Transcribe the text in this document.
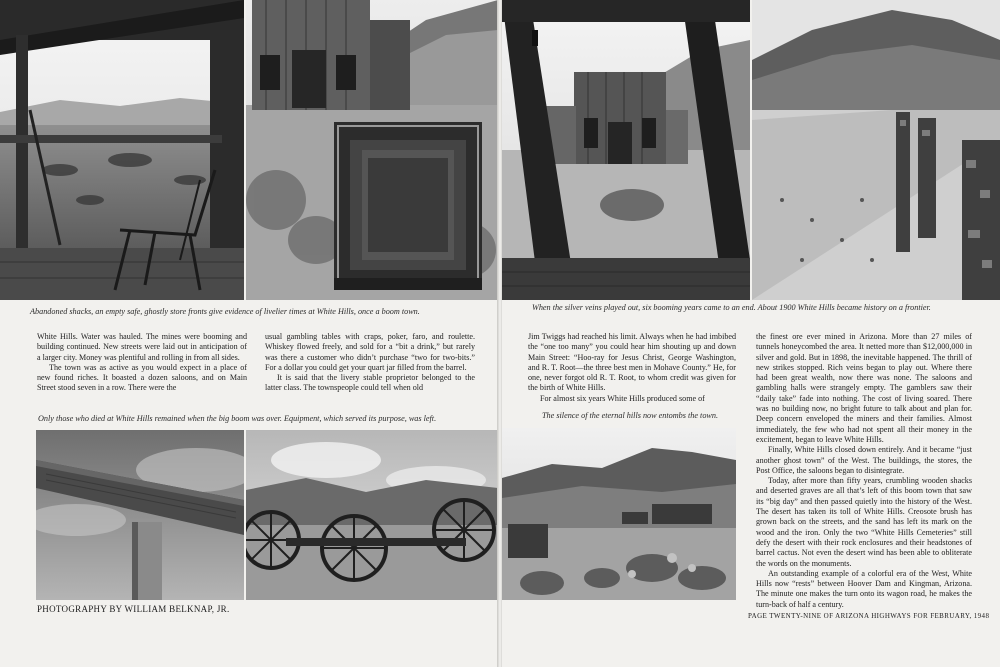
Abandoned shacks, an empty safe, ghostly store fronts give evidence of livelier times at White Hills, once a boom town.

White Hills. Water was hauled. The mines were booming and building continued. New streets were laid out in anticipation of a larger city. Money was plentiful and rolling in from all sides.

The town was as active as you would expect in a place of new found riches. It boasted a dozen saloons, and on Main Street stood seven in a row. There were the

usual gambling tables with craps, poker, faro, and roulette. Whiskey flowed freely, and sold for a “bit a drink,” but rarely was there a customer who didn’t purchase “two for two-bits.” For a dollar you could get your quart jar filled from the barrel.

It is said that the livery stable proprietor belonged to the latter class. The townspeople could tell when old

Only those who died at White Hills remained when the big boom was over. Equipment, which served its purpose, was left.
PHOTOGRAPHY BY WILLIAM BELKNAP, JR.
When the silver veins played out, six booming years came to an end. About 1900 White Hills became history on a frontier.

Jim Twiggs had reached his limit. Always when he had imbibed the “one too many” you could hear him shouting up and down Main Street: “Hoo-ray for Jesus Christ, George Washington, and R. T. Root—the three best men in Mohave County.” He, for one, never forgot old R. T. Root, to whom credit was given for the birth of White Hills.

For almost six years White Hills produced some of

The silence of the eternal hills now entombs the town.

the finest ore ever mined in Arizona. More than 27 miles of tunnels honeycombed the area. It netted more than $12,000,000 in silver and gold. But in 1898, the inevitable happened. The thrill of new strikes stopped. Rich veins began to play out. Where there had been great wealth, now there was none. The saloons and gambling halls were strangely empty. The gamblers saw their “daily take” fade into nothing. The cost of living soared. There was no building now, no bright future to talk about and plan for. Deep concern enveloped the miners and their families. Almost immediately, the few who had not spent all their money in the excitement, began to leave White Hills.

Finally, White Hills closed down entirely. And it became “just another ghost town” of the West. The buildings, the stores, the Post Office, the saloons began to disintegrate.

Today, after more than fifty years, crumbling wooden shacks and deserted graves are all that’s left of this boom town that saw its “big day” and then passed quietly into the history of the West. The desert has taken its toll of White Hills. Creosote brush has grown back on the streets, and the sand has left its mark on the wood and the iron. Only the two “White Hills Cemeteries” still defy the desert with their rock enclosures and their headstones of barrel cactus. Not even the desert wind has been able to obliterate the words on the monuments.

An outstanding example of a colorful era of the West, White Hills now “rests” between Hoover Dam and Kingman, Arizona. The minute one makes the turn onto its wagon road, he makes the turn-back of half a century.

PAGE TWENTY-NINE OF ARIZONA HIGHWAYS FOR FEBRUARY, 1948
